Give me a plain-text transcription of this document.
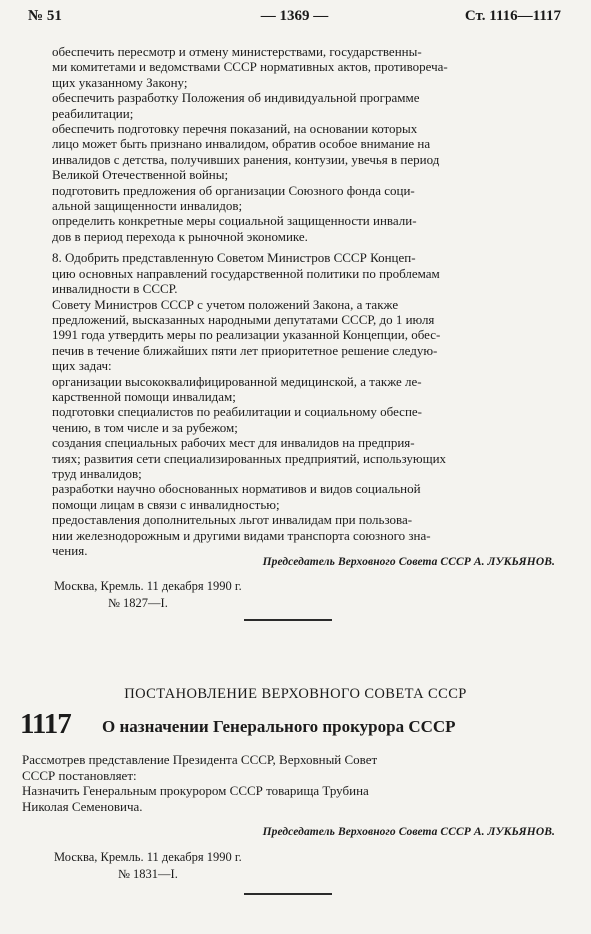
№ 51	— 1369 —	Ст. 1116—1117

обеспечить пересмотр и отмену министерствами, государственны-

ми комитетами и ведомствами СССР нормативных актов, противореча-

щих указанному Закону;

обеспечить разработку Положения об индивидуальной программе

реабилитации;

обеспечить подготовку перечня показаний, на основании которых

лицо может быть признано инвалидом, обратив особое внимание на

инвалидов с детства, получивших ранения, контузии, увечья в период

Великой Отечественной войны;

подготовить предложения об организации Союзного фонда соци-

альной защищенности инвалидов;

определить конкретные меры социальной защищенности инвали-

дов в период перехода к рыночной экономике.

8. Одобрить представленную Советом Министров СССР Концеп-

цию основных направлений государственной политики по проблемам

инвалидности в СССР.

Совету Министров СССР с учетом положений Закона, а также

предложений, высказанных народными депутатами СССР, до 1 июля

1991 года утвердить меры по реализации указанной Концепции, обес-

печив в течение ближайших пяти лет приоритетное решение следую-

щих задач:

организации высококвалифицированной медицинской, а также ле-

карственной помощи инвалидам;

подготовки специалистов по реабилитации и социальному обеспе-

чению, в том числе и за рубежом;

создания специальных рабочих мест для инвалидов на предприя-

тиях; развития сети специализированных предприятий, использующих

труд инвалидов;

разработки научно обоснованных нормативов и видов социальной

помощи лицам в связи с инвалидностью;

предоставления дополнительных льгот инвалидам при пользова-

нии железнодорожным и другими видами транспорта союзного зна-

чения.

Председатель Верховного Совета СССР А. ЛУКЬЯНОВ.
Москва, Кремль. 11 декабря 1990 г.
№ 1827—I.
ПОСТАНОВЛЕНИЕ ВЕРХОВНОГО СОВЕТА СССР
1117 О назначении Генерального прокурора СССР

Рассмотрев представление Президента СССР, Верховный Совет

СССР постановляет:

Назначить Генеральным прокурором СССР товарища Трубина

Николая Семеновича.

Председатель Верховного Совета СССР А. ЛУКЬЯНОВ.
Москва, Кремль. 11 декабря 1990 г.
№ 1831—I.
